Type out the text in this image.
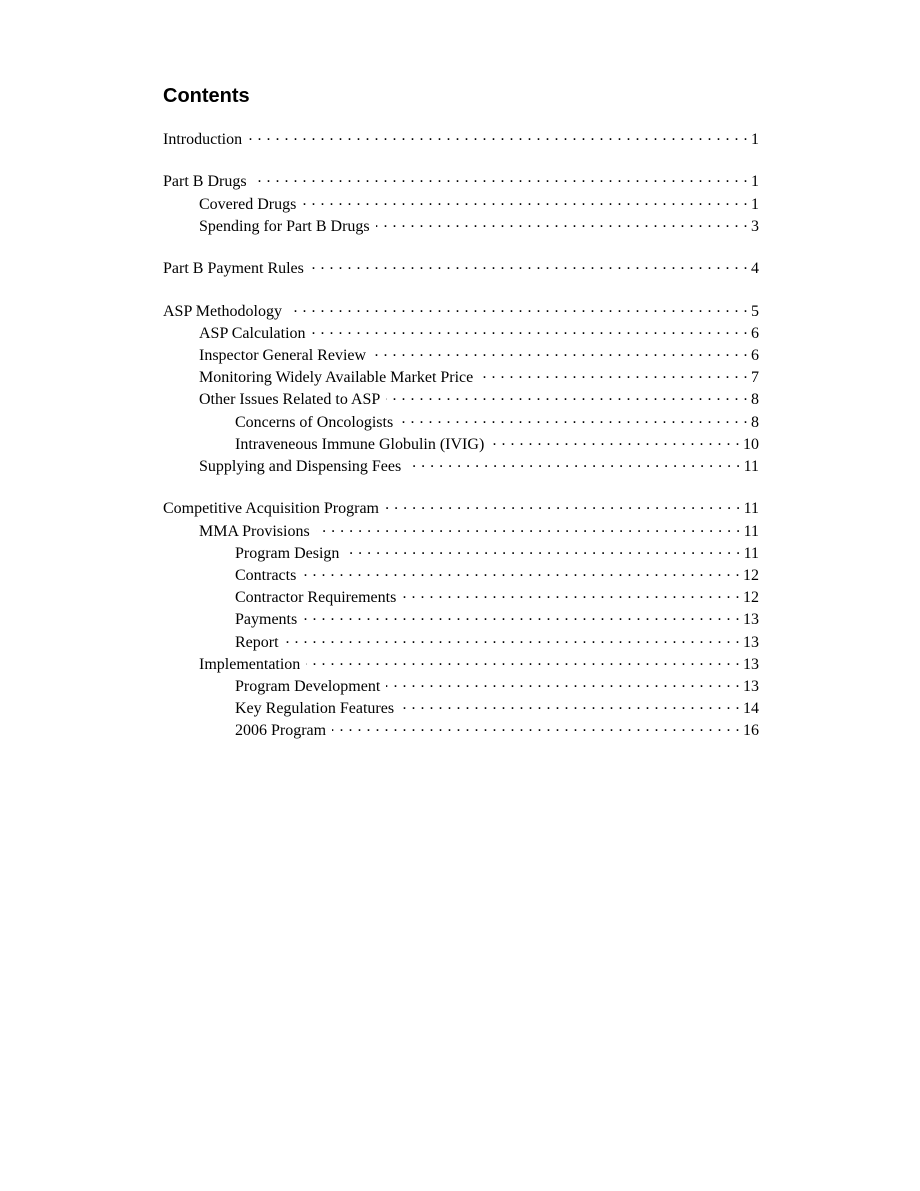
Contents
Introduction . . .	1
Part B Drugs . . .	1
Covered Drugs . . .	1
Spending for Part B Drugs . . .	3
Part B Payment Rules . . .	4
ASP Methodology . . .	5
ASP Calculation . . .	6
Inspector General Review . . .	6
Monitoring Widely Available Market Price . . .	7
Other Issues Related to ASP . . .	8
Concerns of Oncologists . . .	8
Intraveneous Immune Globulin (IVIG) . . .	10
Supplying and Dispensing Fees . . .	11
Competitive Acquisition Program . . .	11
MMA Provisions . . .	11
Program Design . . .	11
Contracts . . .	12
Contractor Requirements . . .	12
Payments . . .	13
Report . . .	13
Implementation . . .	13
Program Development . . .	13
Key Regulation Features . . .	14
2006 Program . . .	16
